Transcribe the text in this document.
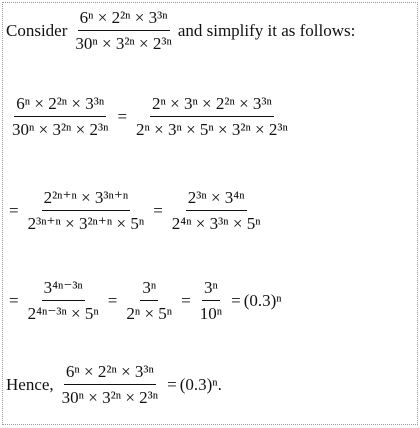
Consider $\frac{\text{6ⁿ × 2²ⁿ × 3³ⁿ}}{\text{30ⁿ × 3²ⁿ × 2³ⁿ}}$ and simplify it as follows:
$\frac{\text{6ⁿ × 2²ⁿ × 3³ⁿ}}{\text{30ⁿ × 3²ⁿ × 2³ⁿ}} = \frac{\text{2ⁿ × 3ⁿ × 2²ⁿ × 3³ⁿ}}{\text{2ⁿ × 3ⁿ × 5ⁿ × 3²ⁿ × 2³ⁿ}}$
= $\frac{\text{2²ⁿ⁺ⁿ × 3³ⁿ⁺ⁿ}}{\text{2³ⁿ⁺ⁿ × 3²ⁿ⁺ⁿ × 5ⁿ}} = \frac{\text{2³ⁿ × 3⁴ⁿ}}{\text{2⁴ⁿ × 3³ⁿ × 5ⁿ}}$
= $\frac{\text{3⁴ⁿ⁻³ⁿ}}{\text{2⁴ⁿ⁻³ⁿ × 5ⁿ}} = \frac{\text{3ⁿ}}{\text{2ⁿ × 5ⁿ}} = \frac{\text{3ⁿ}}{\text{10ⁿ}} = (0.3)^n$
Hence, $\frac{\text{6ⁿ × 2²ⁿ × 3³ⁿ}}{\text{30ⁿ × 3²ⁿ × 2³ⁿ}} = (0.3)^n$.
